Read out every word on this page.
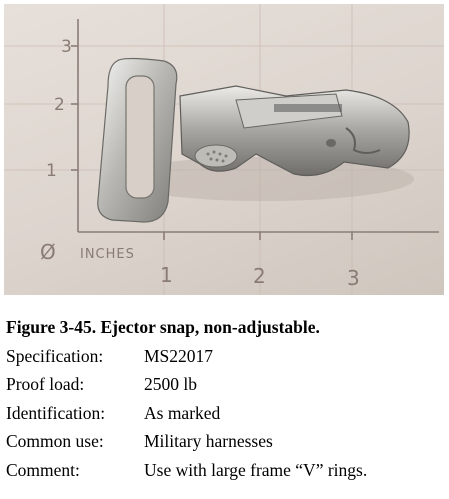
3
2
1
Ø INCHES
1	2	3
Figure 3-45. Ejector snap, non-adjustable.
Specification:	MS22017
Proof load:	2500 lb
Identification:	As marked
Common use:	Military harnesses
Comment:	Use with large frame “V” rings.
